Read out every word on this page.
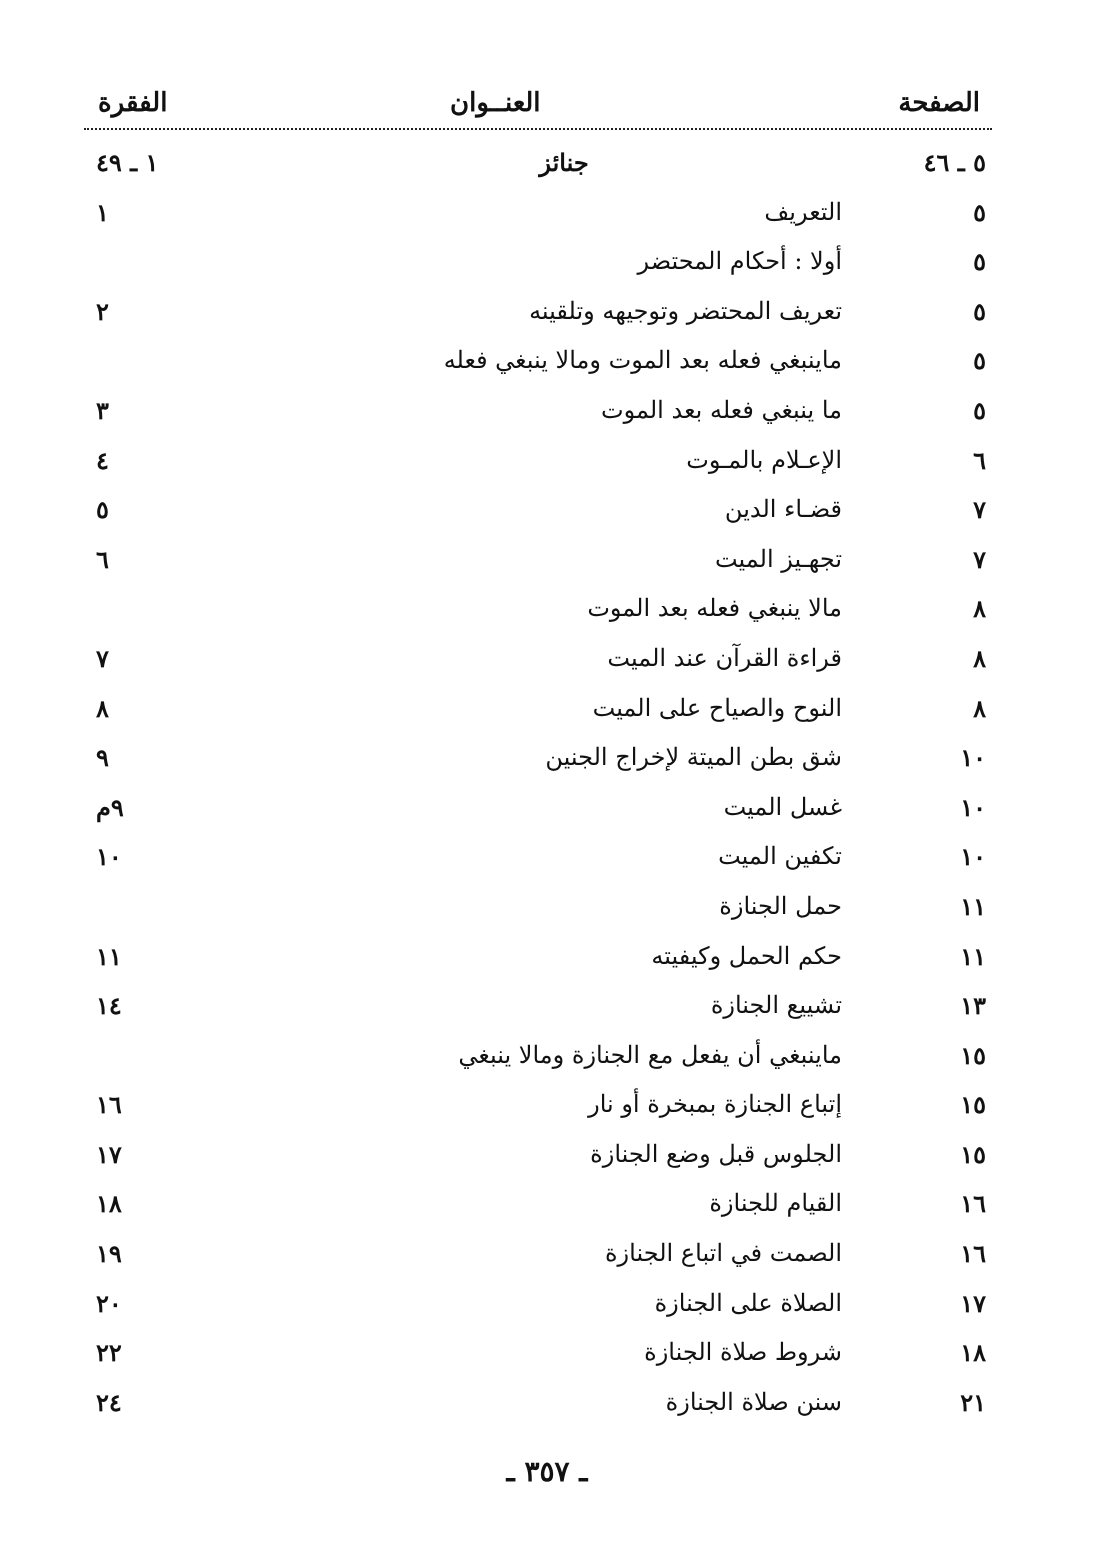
الصفحة
العنــوان
الفقرة
٥ ـ ٤٦
جنائز
١ ـ ٤٩
٥
التعريف
١
٥
أولا : أحكام المحتضر
٥
تعريف المحتضر وتوجيهه وتلقينه
٢
٥
ماينبغي فعله بعد الموت ومالا ينبغي فعله
٥
ما ينبغي فعله بعد الموت
٣
٦
الإعـلام بالمـوت
٤
٧
قضـاء الدين
٥
٧
تجهـيز الميت
٦
٨
مالا ينبغي فعله بعد الموت
٨
قراءة القرآن عند الميت
٧
٨
النوح والصياح على الميت
٨
١٠
شق بطن الميتة لإخراج الجنين
٩
١٠
غسل الميت
٩م
١٠
تكفين الميت
١٠
١١
حمل الجنازة
١١
حكم الحمل وكيفيته
١١
١٣
تشييع الجنازة
١٤
١٥
ماينبغي أن يفعل مع الجنازة ومالا ينبغي
١٥
إتباع الجنازة بمبخرة أو نار
١٦
١٥
الجلوس قبل وضع الجنازة
١٧
١٦
القيام للجنازة
١٨
١٦
الصمت في اتباع الجنازة
١٩
١٧
الصلاة على الجنازة
٢٠
١٨
شروط صلاة الجنازة
٢٢
٢١
سنن صلاة الجنازة
٢٤
ـ ٣٥٧ ـ
